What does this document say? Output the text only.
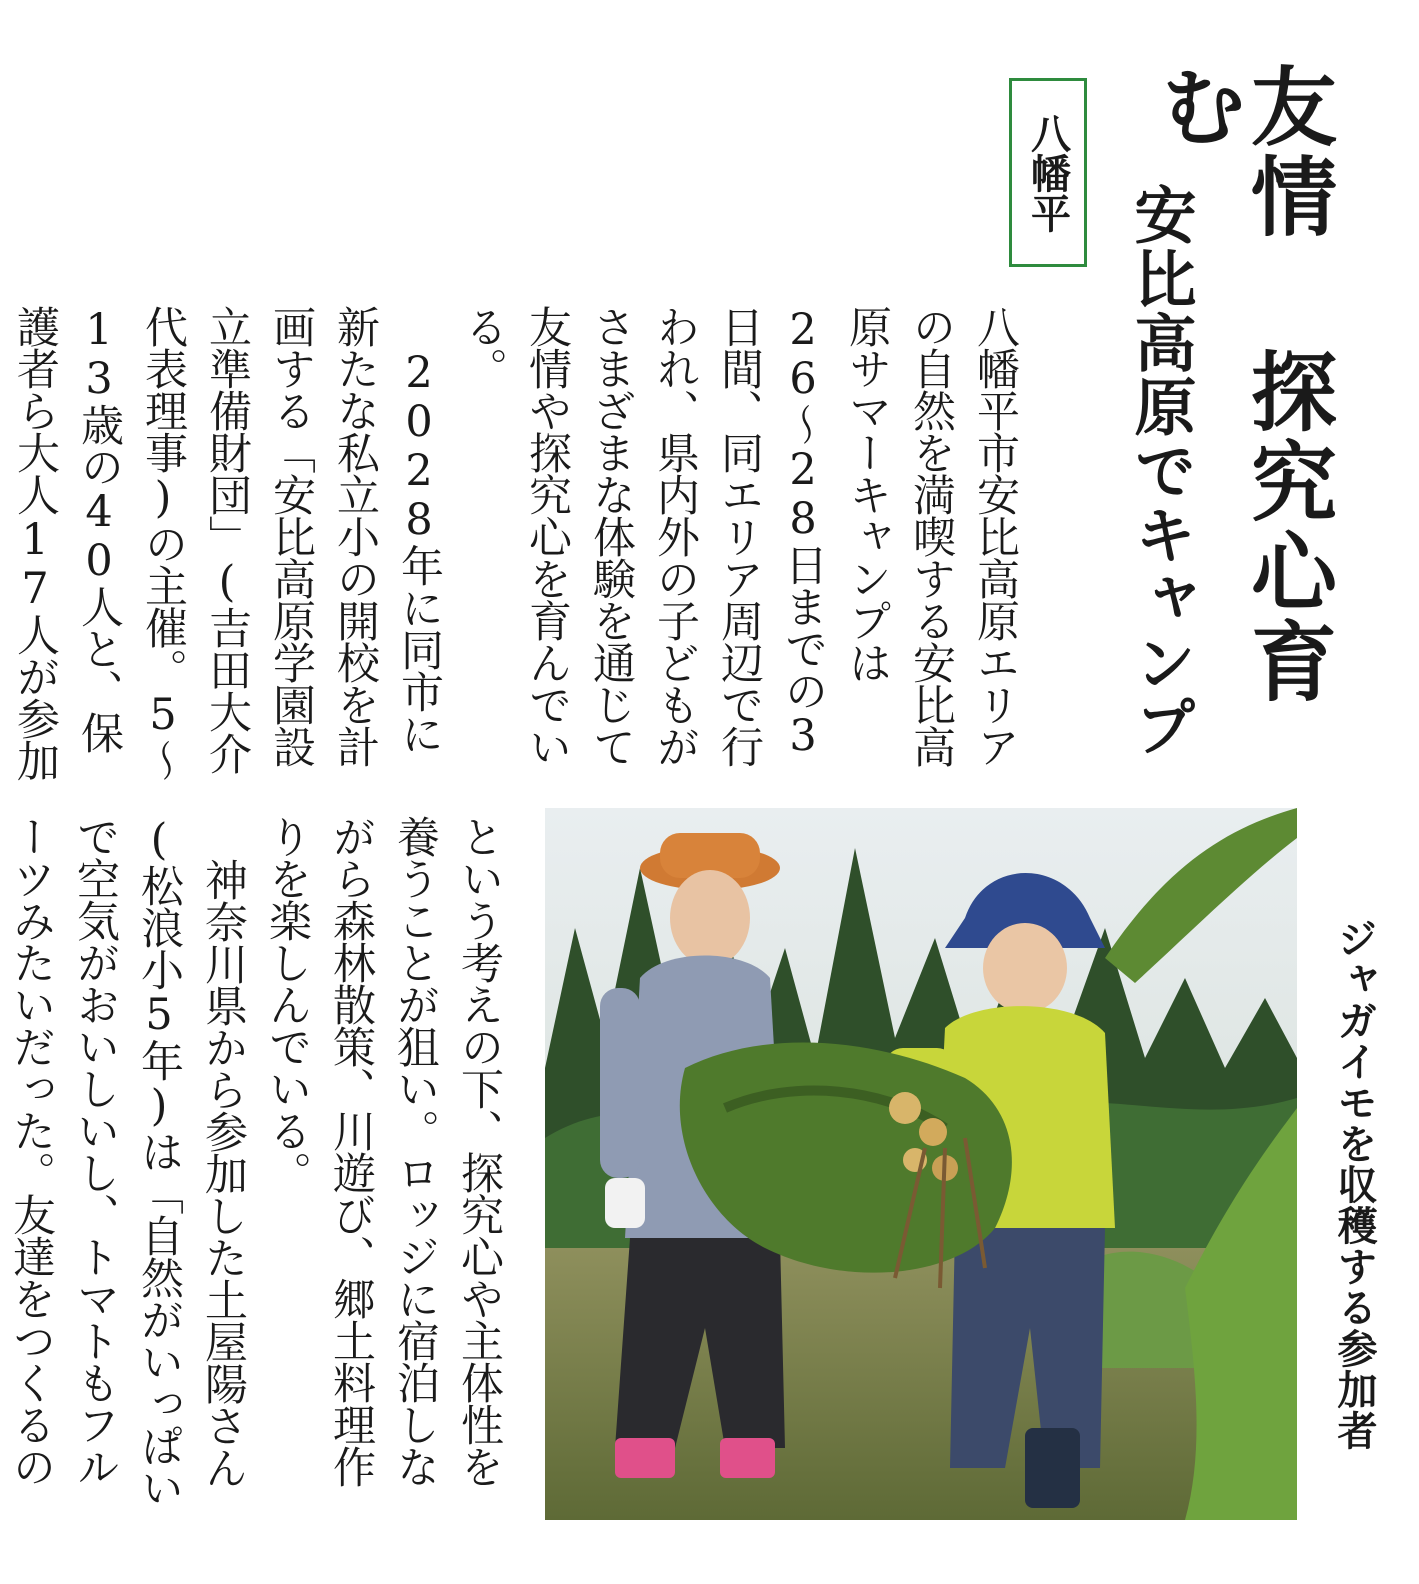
友情 探究心育む
安比高原でキャンプ
八幡平

八幡平市安比高原エリアの自然を満喫する安比高原サマーキャンプは26〜28日までの3日間、同エリア周辺で行われ、県内外の子どもがさまざまな体験を通じて友情や探究心を育んでいる。

2028年に同市に新たな私立小の開校を計画する「安比高原学園設立準備財団」(吉田大介代表理事)の主催。5〜13歳の40人と、保護者ら大人17人が参加

という考えの下、探究心や主体性を養うことが狙い。ロッジに宿泊しながら森林散策、川遊び、郷土料理作りを楽しんでいる。

神奈川県から参加した土屋陽さん(松浪小5年)は「自然がいっぱいで空気がおいしいし、トマトもフルーツみたいだった。友達をつくるの

ジャガイモを収穫する参加者
